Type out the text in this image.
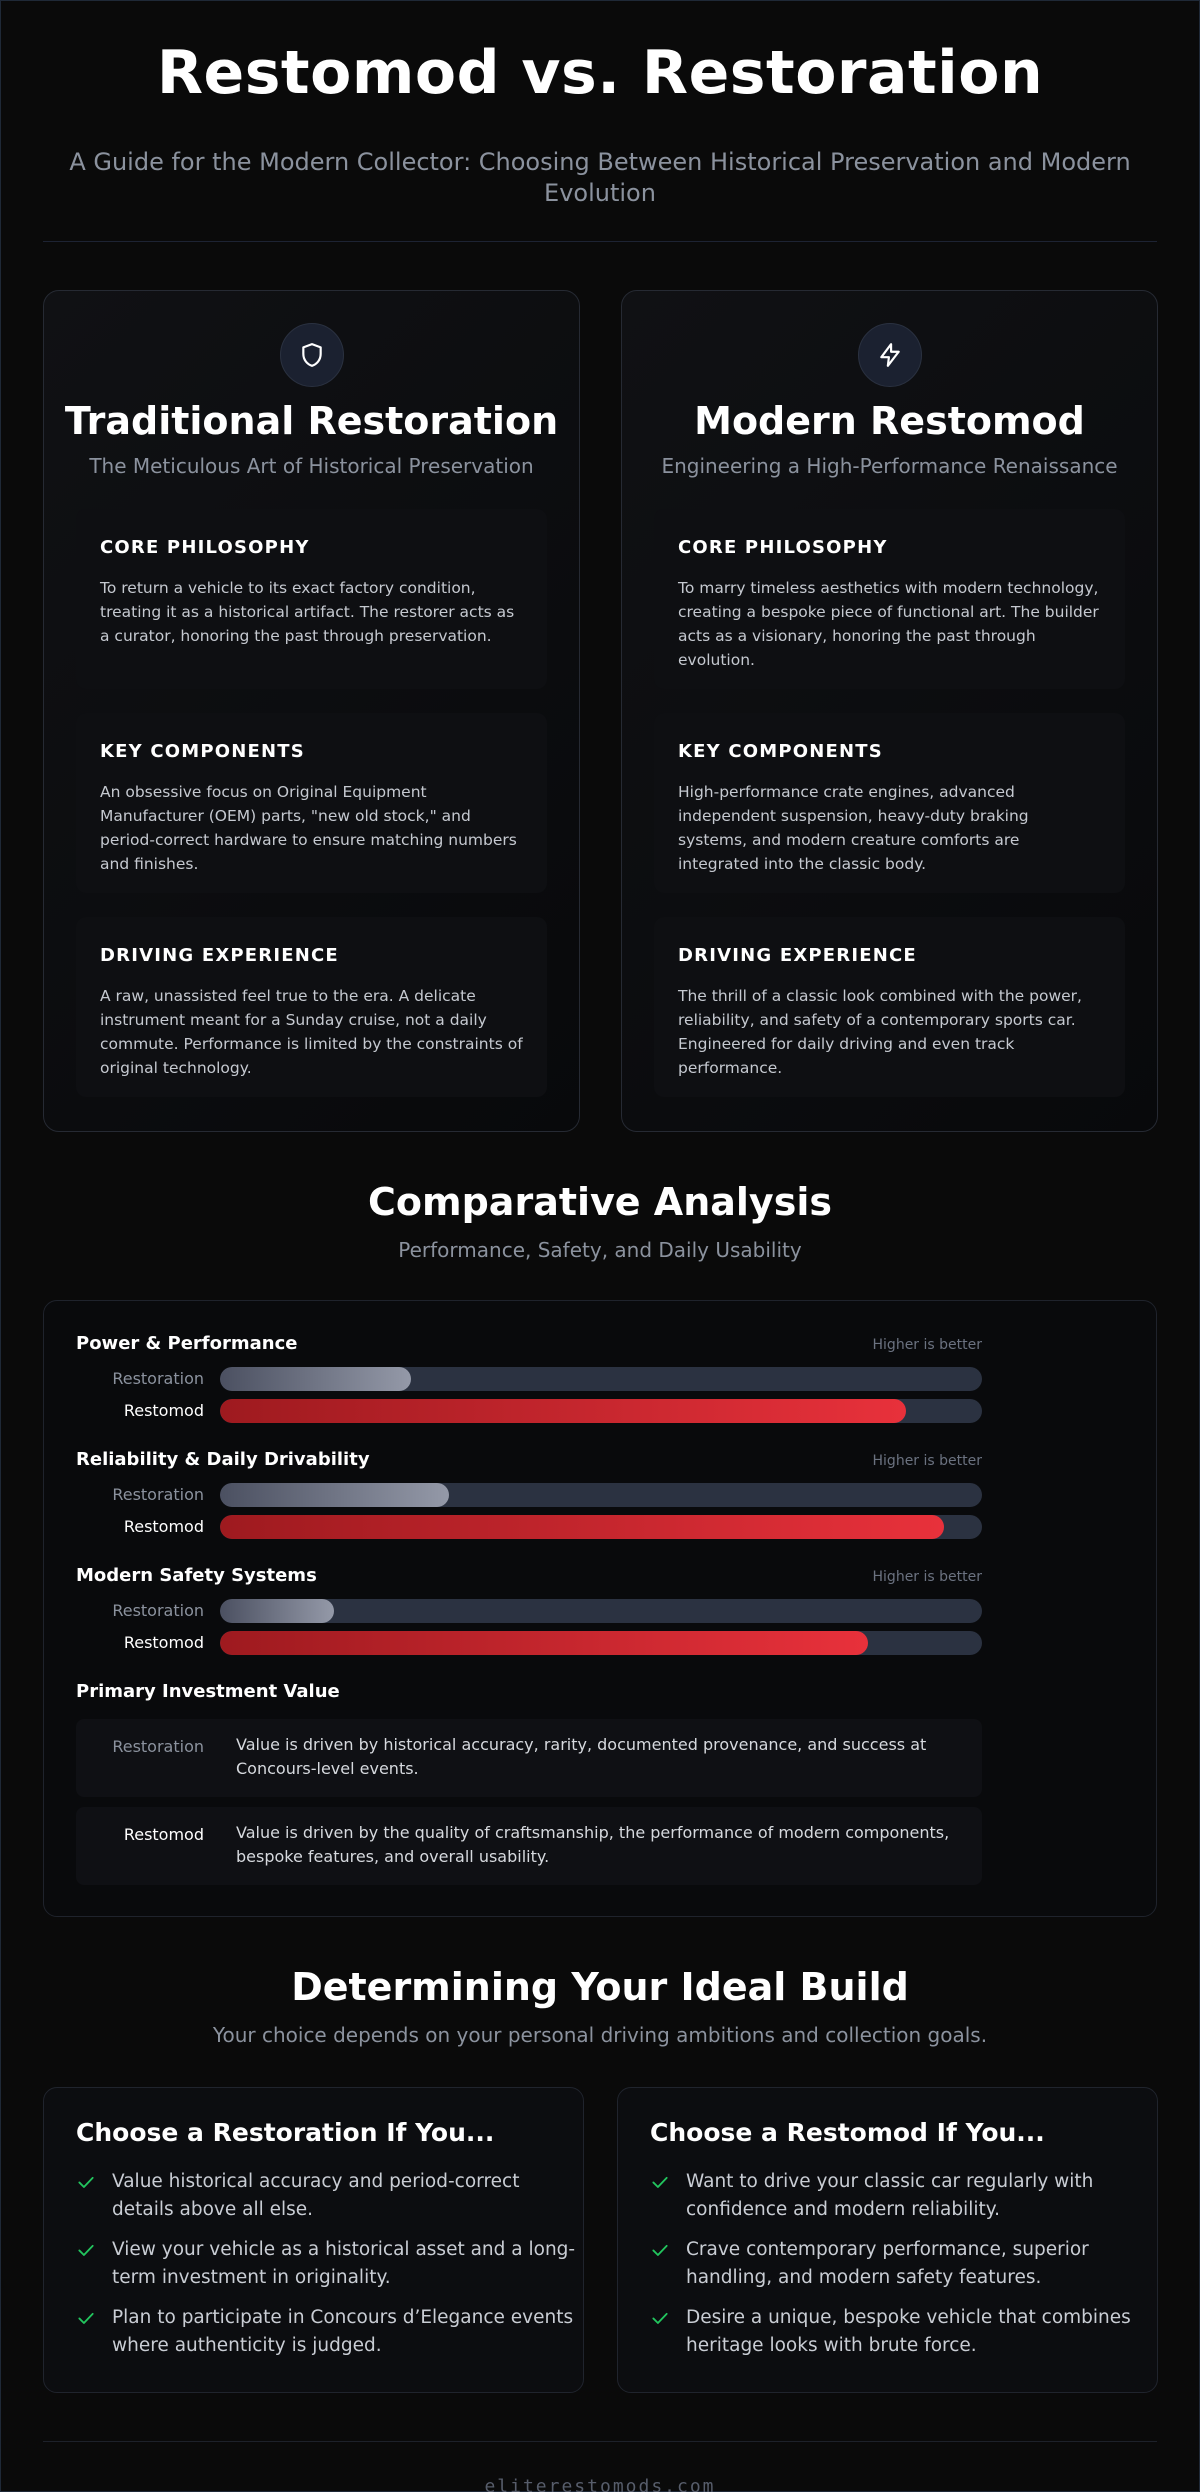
Restomod vs. Restoration

A Guide for the Modern Collector: Choosing Between Historical Preservation and Modern Evolution

Traditional Restoration

The Meticulous Art of Historical Preservation

CORE PHILOSOPHY

To return a vehicle to its exact factory condition, treating it as a historical artifact. The restorer acts as a curator, honoring the past through preservation.

KEY COMPONENTS

An obsessive focus on Original Equipment Manufacturer (OEM) parts, "new old stock," and period-correct hardware to ensure matching numbers and finishes.

DRIVING EXPERIENCE

A raw, unassisted feel true to the era. A delicate instrument meant for a Sunday cruise, not a daily commute. Performance is limited by the constraints of original technology.

Modern Restomod

Engineering a High-Performance Renaissance

CORE PHILOSOPHY

To marry timeless aesthetics with modern technology, creating a bespoke piece of functional art. The builder acts as a visionary, honoring the past through evolution.

KEY COMPONENTS

High-performance crate engines, advanced independent suspension, heavy-duty braking systems, and modern creature comforts are integrated into the classic body.

DRIVING EXPERIENCE

The thrill of a classic look combined with the power, reliability, and safety of a contemporary sports car. Engineered for daily driving and even track performance.

Comparative Analysis

Performance, Safety, and Daily Usability

Power & Performance	Higher is better
Restoration
Restomod
Reliability & Daily Drivability	Higher is better
Restoration
Restomod
Modern Safety Systems	Higher is better
Restoration
Restomod
Primary Investment Value
Restoration Value is driven by historical accuracy, rarity, documented provenance, and success at Concours-level events.
Restomod Value is driven by the quality of craftsmanship, the performance of modern components, bespoke features, and overall usability.
Determining Your Ideal Build

Your choice depends on your personal driving ambitions and collection goals.

Choose a Restoration If You...
Value historical accuracy and period-correct details above all else.
View your vehicle as a historical asset and a long-term investment in originality.
Plan to participate in Concours d’Elegance events where authenticity is judged.
Choose a Restomod If You...
Want to drive your classic car regularly with confidence and modern reliability.
Crave contemporary performance, superior handling, and modern safety features.
Desire a unique, bespoke vehicle that combines heritage looks with brute force.
eliterestomods.com
